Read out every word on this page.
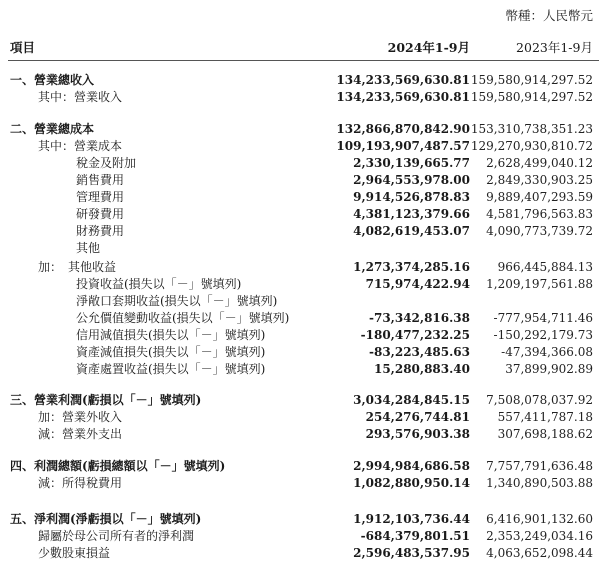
幣種：人民幣元
項目	2024年1-9月	2023年1-9月
一、營業總收入	134,233,569,630.81 159,580,914,297.52
其中：營業收入	134,233,569,630.81 159,580,914,297.52
二、營業總成本	132,866,870,842.90 153,310,738,351.23
其中：營業成本	109,193,907,487.57 129,270,930,810.72
稅金及附加	2,330,139,665.77 2,628,499,040.12
銷售費用	2,964,553,978.00 2,849,330,903.25
管理費用	9,914,526,878.83 9,889,407,293.59
研發費用	4,381,123,379.66 4,581,796,563.83
財務費用	4,082,619,453.07 4,090,773,739.72
其他
加：　其他收益	1,273,374,285.16 966,445,884.13
投資收益(損失以「－」號填列)	715,974,422.94 1,209,197,561.88
淨敞口套期收益(損失以「－」號填列)
公允價值變動收益(損失以「－」號填列)	-73,342,816.38 -777,954,711.46
信用減值損失(損失以「－」號填列)	-180,477,232.25 -150,292,179.73
資產減值損失(損失以「－」號填列)	-83,223,485.63	-47,394,366.08
資產處置收益(損失以「－」號填列)	15,280,883.40	37,899,902.89
三、營業利潤(虧損以「－」號填列)	3,034,284,845.15 7,508,078,037.92
加：營業外收入	254,276,744.81 557,411,787.18
減：營業外支出	293,576,903.38 307,698,188.62
四、利潤總額(虧損總額以「－」號填列)	2,994,984,686.58 7,757,791,636.48
減：所得稅費用	1,082,880,950.14 1,340,890,503.88
五、淨利潤(淨虧損以「－」號填列)	1,912,103,736.44 6,416,901,132.60
歸屬於母公司所有者的淨利潤	-684,379,801.51 2,353,249,034.16
少數股東損益	2,596,483,537.95 4,063,652,098.44
